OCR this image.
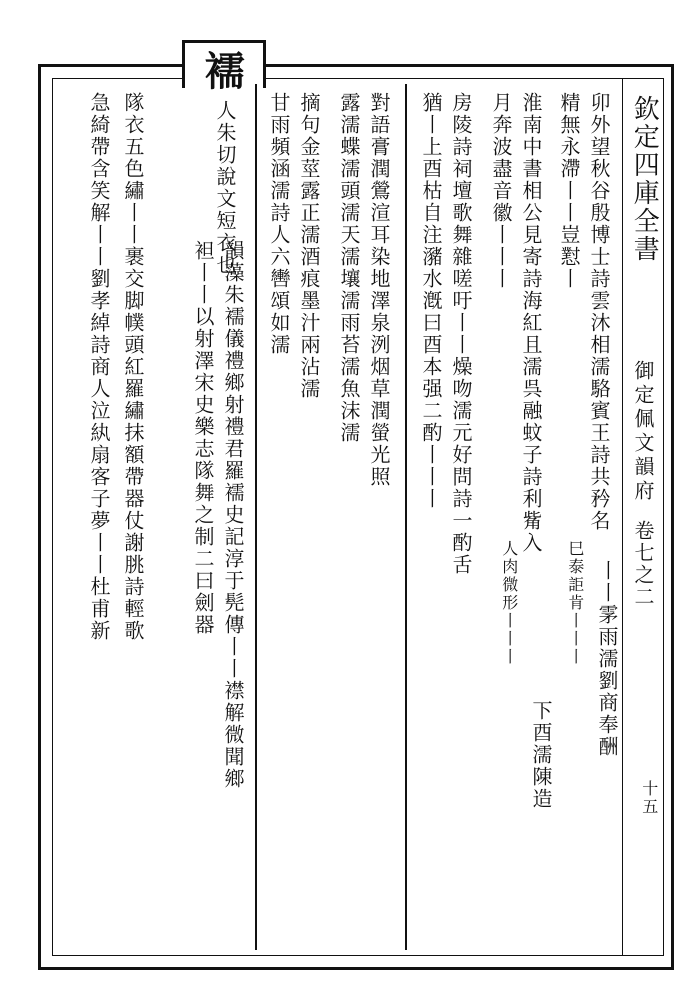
欽定四庫全書
御定佩文韻府
卷七之二
十五
襦
人朱切說文短衣也	卯外望秋谷殷博士詩雲沐相濡駱賓王詩共矜名
精無永滯丨丨豈懟丨
淮南中書相公見寄詩海紅且濡呉融蚊子詩利觜入
月奔波盡音徽丨丨丨
房陵詩祠壇歌舞雜嗟吁丨丨燥吻濡元好問詩一酌舌
猶丨上酉枯自注瀦水漑曰酉本强二酌丨丨丨
對語膏潤鶯渲耳染地澤泉洌烟草潤螢光照
露濡蝶濡頭濡天濡壤濡雨苔濡魚沫濡
摘句金莖露正濡酒痕墨汁兩沾濡
甘雨頻涵濡詩人六轡頌如濡
韻藻朱襦儀禮鄉射禮君羅襦史記淳于髡傳丨丨襟解微聞鄉
袒丨丨以射澤宋史樂志隊舞之制二曰劍器
隊衣五色繡丨丨裹交脚幞頭紅羅繡抹額帶器仗謝朓詩輕歌
急綺帶含笑解丨丨劉孝綽詩商人泣紈扇客子夢丨丨杜甫新
丨丨雺雨濡劉商奉酬
下酉濡陳造
巳泰詎肯丨丨丨
人肉微形丨丨丨
